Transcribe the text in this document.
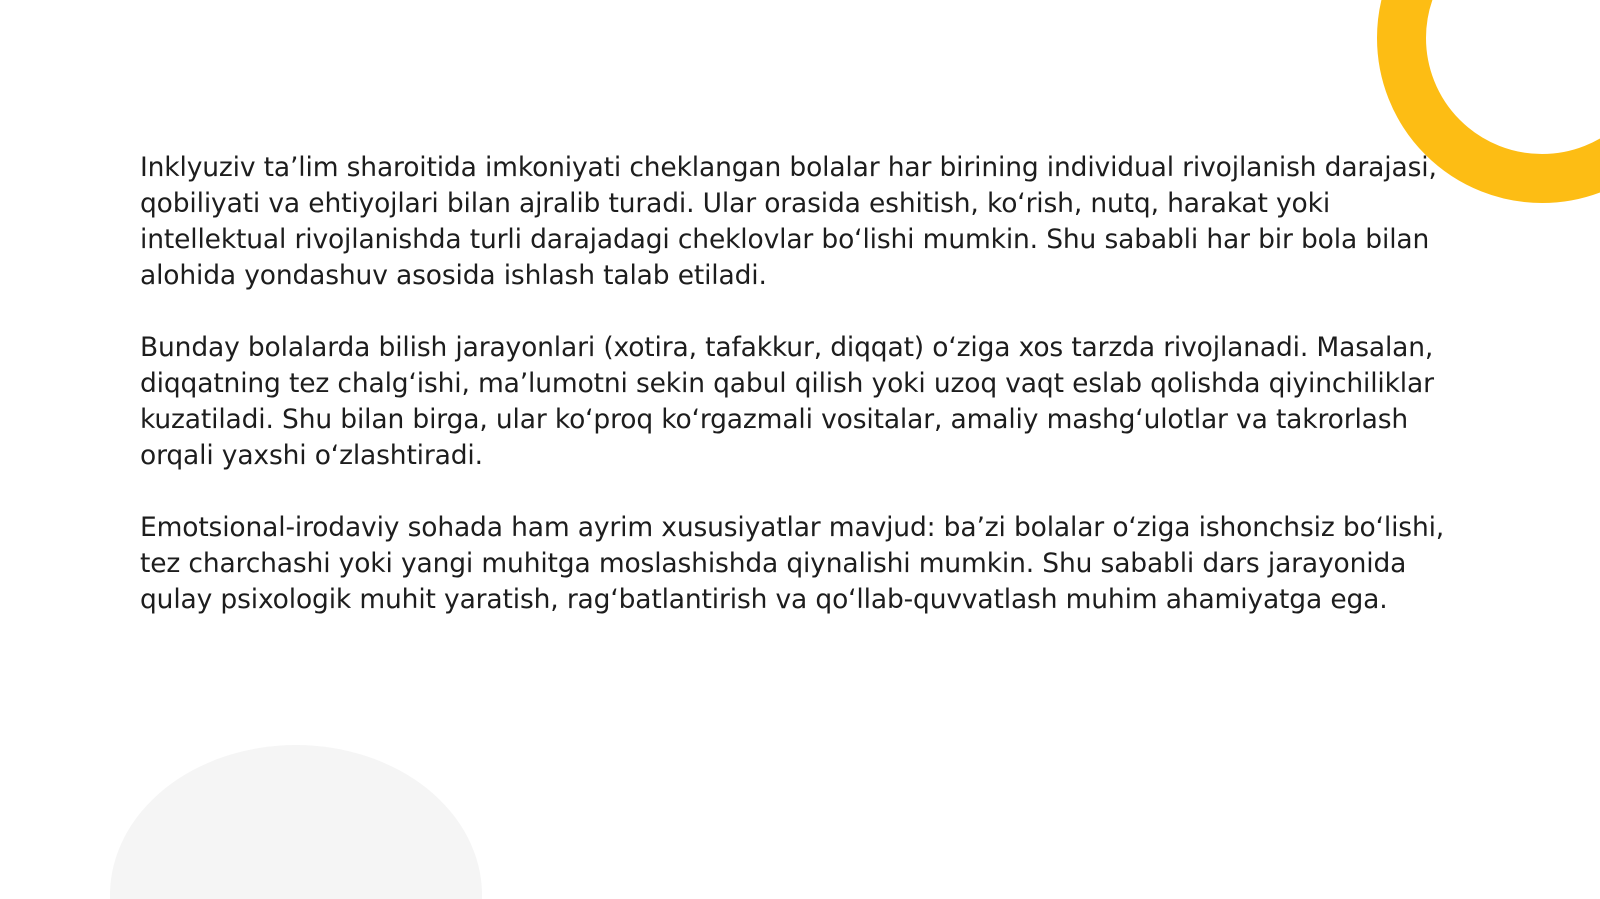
Inklyuziv ta’lim sharoitida imkoniyati cheklangan bolalar har birining individual rivojlanish darajasi, qobiliyati va ehtiyojlari bilan ajralib turadi. Ular orasida eshitish, ko‘rish, nutq, harakat yoki intellektual rivojlanishda turli darajadagi cheklovlar bo‘lishi mumkin. Shu sababli har bir bola bilan alohida yondashuv asosida ishlash talab etiladi.

Bunday bolalarda bilish jarayonlari (xotira, tafakkur, diqqat) o‘ziga xos tarzda rivojlanadi. Masalan, diqqatning tez chalg‘ishi, ma’lumotni sekin qabul qilish yoki uzoq vaqt eslab qolishda qiyinchiliklar kuzatiladi. Shu bilan birga, ular ko‘proq ko‘rgazmali vositalar, amaliy mashg‘ulotlar va takrorlash orqali yaxshi o‘zlashtiradi.

Emotsional-irodaviy sohada ham ayrim xususiyatlar mavjud: ba’zi bolalar o‘ziga ishonchsiz bo‘lishi, tez charchashi yoki yangi muhitga moslashishda qiynalishi mumkin. Shu sababli dars jarayonida qulay psixologik muhit yaratish, rag‘batlantirish va qo‘llab-quvvatlash muhim ahamiyatga ega.
